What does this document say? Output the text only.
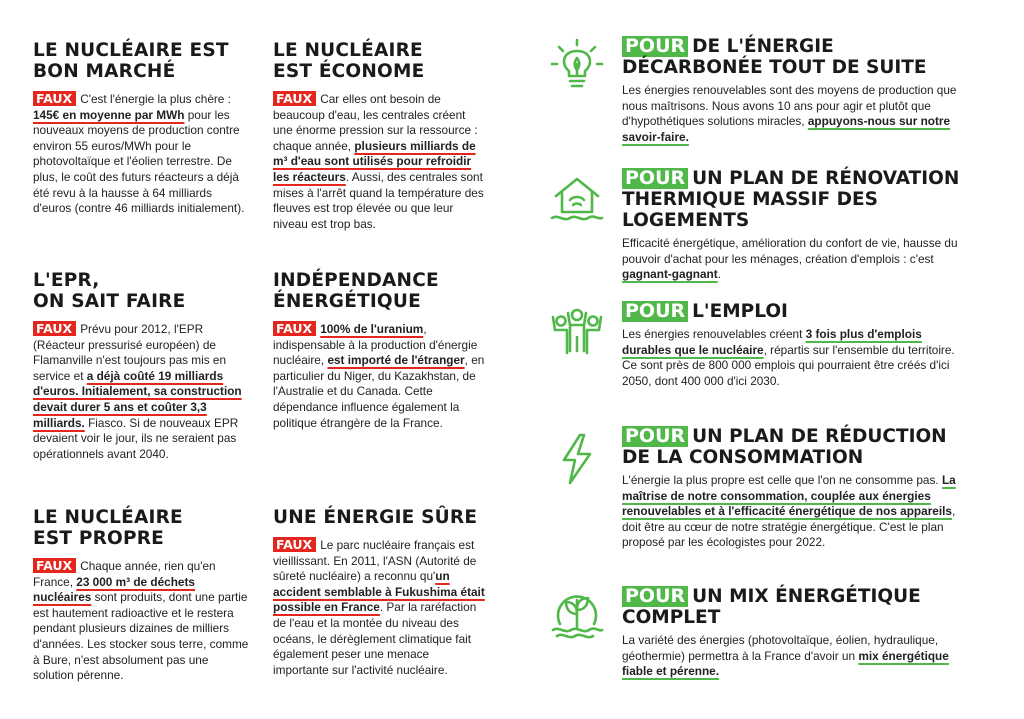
LE NUCLÉAIRE EST
BON MARCHÉ

FAUX C'est l'énergie la plus chère : 145€ en moyenne par MWh pour les nouveaux moyens de production contre environ 55 euros/MWh pour le photovoltaïque et l'éolien terrestre. De plus, le coût des futurs réacteurs a déjà été revu à la hausse à 64 milliards d'euros (contre 46 milliards initialement).

LE NUCLÉAIRE
EST ÉCONOME

FAUX Car elles ont besoin de beaucoup d'eau, les centrales créent une énorme pression sur la ressource : chaque année, plusieurs milliards de m³ d'eau sont utilisés pour refroidir les réacteurs. Aussi, des centrales sont mises à l'arrêt quand la température des fleuves est trop élevée ou que leur niveau est trop bas.

L'EPR,
ON SAIT FAIRE

FAUX Prévu pour 2012, l'EPR (Réacteur pressurisé européen) de Flamanville n'est toujours pas mis en service et a déjà coûté 19 milliards d'euros. Initialement, sa construction devait durer 5 ans et coûter 3,3 milliards. Fiasco. Si de nouveaux EPR devaient voir le jour, ils ne seraient pas opérationnels avant 2040.

INDÉPENDANCE
ÉNERGÉTIQUE

FAUX 100% de l'uranium, indispensable à la production d'énergie nucléaire, est importé de l'étranger, en particulier du Niger, du Kazakhstan, de l'Australie et du Canada. Cette dépendance influence également la politique étrangère de la France.

LE NUCLÉAIRE
EST PROPRE

FAUX Chaque année, rien qu'en France, 23 000 m³ de déchets nucléaires sont produits, dont une partie est hautement radioactive et le restera pendant plusieurs dizaines de milliers d'années. Les stocker sous terre, comme à Bure, n'est absolument pas une solution pérenne.

UNE ÉNERGIE SÛRE

FAUX Le parc nucléaire français est vieillissant. En 2011, l'ASN (Autorité de sûreté nucléaire) a reconnu qu'un accident semblable à Fukushima était possible en France. Par la raréfaction de l'eau et la montée du niveau des océans, le dérèglement climatique fait également peser une menace importante sur l'activité nucléaire.

POUR DE L'ÉNERGIE
DÉCARBONÉE TOUT DE SUITE

Les énergies renouvelables sont des moyens de production que nous maîtrisons. Nous avons 10 ans pour agir et plutôt que d'hypothétiques solutions miracles, appuyons-nous sur notre savoir-faire.

POUR UN PLAN DE RÉNOVATION
THERMIQUE MASSIF DES LOGEMENTS

Efficacité énergétique, amélioration du confort de vie, hausse du pouvoir d'achat pour les ménages, création d'emplois : c'est gagnant-gagnant.

POUR L'EMPLOI

Les énergies renouvelables créent 3 fois plus d'emplois durables que le nucléaire, répartis sur l'ensemble du territoire. Ce sont près de 800 000 emplois qui pourraient être créés d'ici 2050, dont 400 000 d'ici 2030.

POUR UN PLAN DE RÉDUCTION
DE LA CONSOMMATION

L'énergie la plus propre est celle que l'on ne consomme pas. La maîtrise de notre consommation, couplée aux énergies renouvelables et à l'efficacité énergétique de nos appareils, doit être au cœur de notre stratégie énergétique. C'est le plan proposé par les écologistes pour 2022.

POUR UN MIX ÉNERGÉTIQUE
COMPLET

La variété des énergies (photovoltaïque, éolien, hydraulique, géothermie) permettra à la France d'avoir un mix énergétique fiable et pérenne.
